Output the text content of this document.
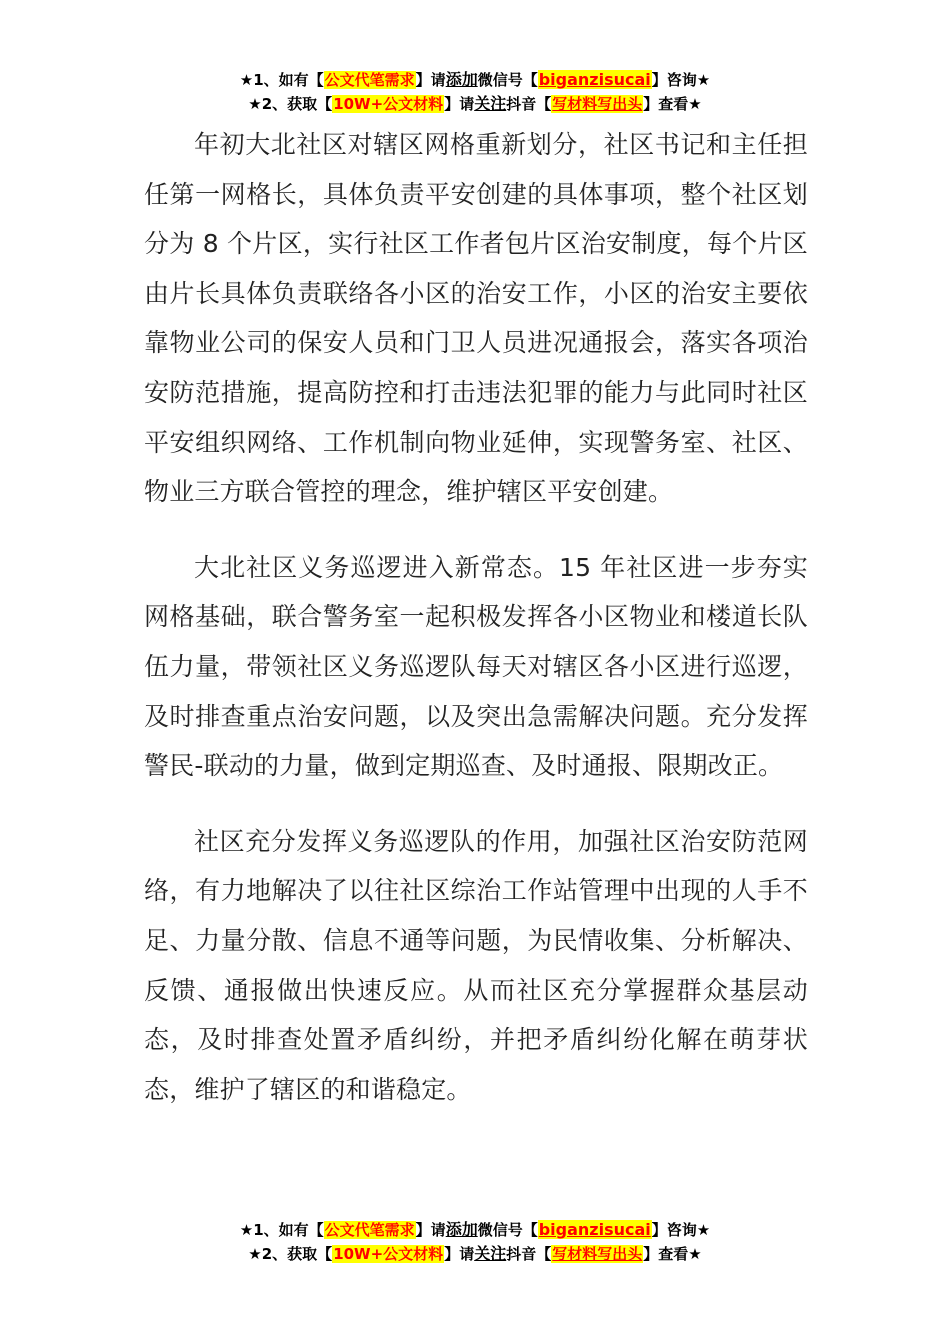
★1、如有【公文代笔需求】请添加微信号【biganzisucai】咨询★
★2、获取【10W+公文材料】请关注抖音【写材料写出头】查看★

年初大北社区对辖区网格重新划分，社区书记和主任担任第一网格长，具体负责平安创建的具体事项，整个社区划分为 8 个片区，实行社区工作者包片区治安制度，每个片区由片长具体负责联络各小区的治安工作，小区的治安主要依靠物业公司的保安人员和门卫人员进况通报会，落实各项治安防范措施，提高防控和打击违法犯罪的能力与此同时社区平安组织网络、工作机制向物业延伸，实现警务室、社区、物业三方联合管控的理念，维护辖区平安创建。

大北社区义务巡逻进入新常态。15 年社区进一步夯实网格基础，联合警务室一起积极发挥各小区物业和楼道长队伍力量，带领社区义务巡逻队每天对辖区各小区进行巡逻，及时排查重点治安问题，以及突出急需解决问题。充分发挥警民-联动的力量，做到定期巡查、及时通报、限期改正。

社区充分发挥义务巡逻队的作用，加强社区治安防范网络，有力地解决了以往社区综治工作站管理中出现的人手不足、力量分散、信息不通等问题，为民情收集、分析解决、反馈、通报做出快速反应。从而社区充分掌握群众基层动态，及时排查处置矛盾纠纷，并把矛盾纠纷化解在萌芽状态，维护了辖区的和谐稳定。

★1、如有【公文代笔需求】请添加微信号【biganzisucai】咨询★
★2、获取【10W+公文材料】请关注抖音【写材料写出头】查看★
